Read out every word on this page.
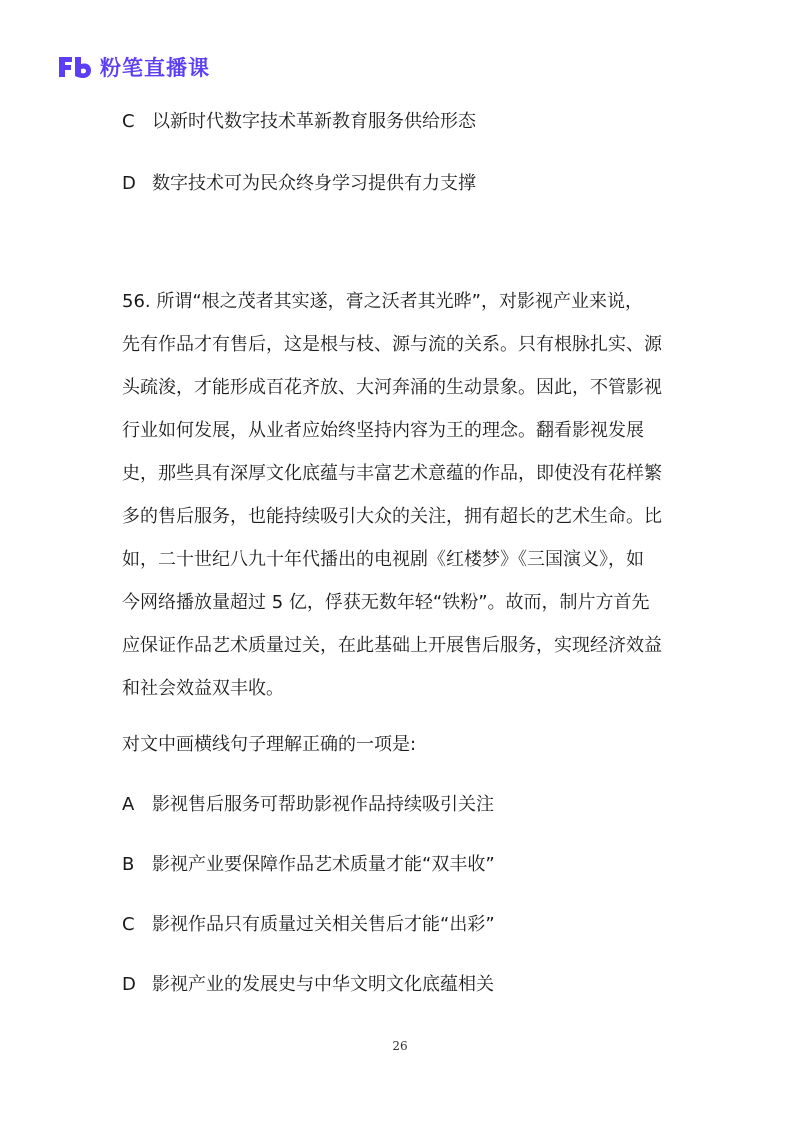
粉笔直播课
C 以新时代数字技术革新教育服务供给形态
D 数字技术可为民众终身学习提供有力支撑
56. 所谓“根之茂者其实遂，膏之沃者其光晔”，对影视产业来说，
先有作品才有售后，这是根与枝、源与流的关系。只有根脉扎实、源
头疏浚，才能形成百花齐放、大河奔涌的生动景象。因此，不管影视
行业如何发展，从业者应始终坚持内容为王的理念。翻看影视发展
史，那些具有深厚文化底蕴与丰富艺术意蕴的作品，即使没有花样繁
多的售后服务，也能持续吸引大众的关注，拥有超长的艺术生命。比
如，二十世纪八九十年代播出的电视剧《红楼梦》《三国演义》，如
今网络播放量超过 5 亿，俘获无数年轻“铁粉”。故而，制片方首先
应保证作品艺术质量过关，在此基础上开展售后服务，实现经济效益
和社会效益双丰收。
对文中画横线句子理解正确的一项是:
A 影视售后服务可帮助影视作品持续吸引关注
B 影视产业要保障作品艺术质量才能“双丰收”
C 影视作品只有质量过关相关售后才能“出彩”
D 影视产业的发展史与中华文明文化底蕴相关
26
